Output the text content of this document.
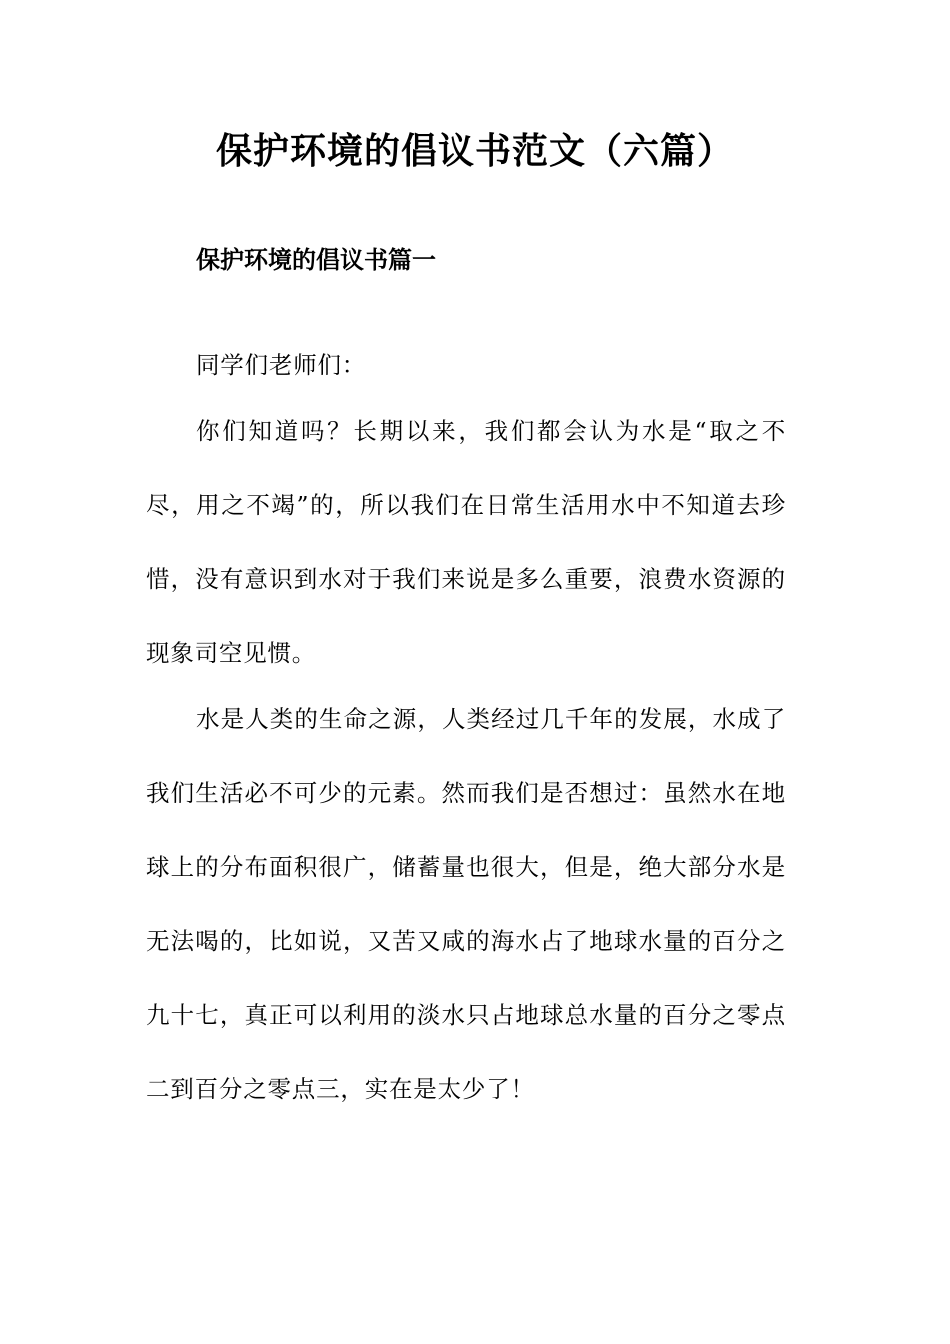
保护环境的倡议书范文（六篇）
保护环境的倡议书篇一

同学们老师们：

你们知道吗？长期以来，我们都会认为水是“取之不尽，用之不竭”的，所以我们在日常生活用水中不知道去珍惜，没有意识到水对于我们来说是多么重要，浪费水资源的现象司空见惯。

水是人类的生命之源，人类经过几千年的发展，水成了我们生活必不可少的元素。然而我们是否想过：虽然水在地球上的分布面积很广，储蓄量也很大，但是，绝大部分水是无法喝的，比如说，又苦又咸的海水占了地球水量的百分之九十七，真正可以利用的淡水只占地球总水量的百分之零点二到百分之零点三，实在是太少了！
